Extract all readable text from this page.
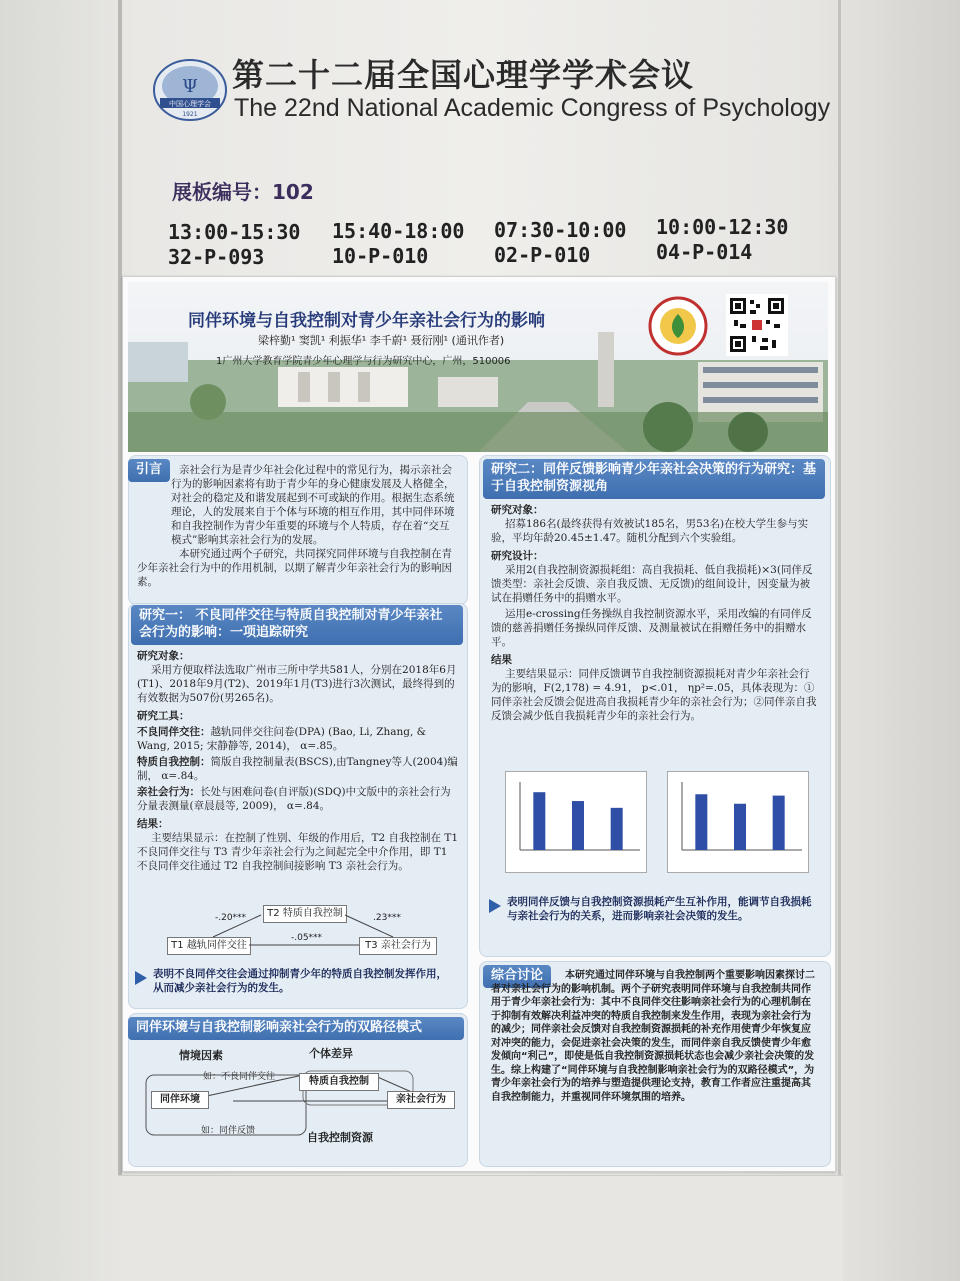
Ψ
中国心理学会
1921
第二十二届全国心理学学术会议
The 22nd National Academic Congress of Psychology
展板编号：102
13:00-15:30
32-P-093
15:40-18:00
10-P-010
07:30-10:00
02-P-010
10:00-12:30
04-P-014
同伴环境与自我控制对青少年亲社会行为的影响
梁梓勤¹ 窦凯¹ 利振华¹ 李千蔚¹ 聂衍刚¹ (通讯作者)
1广州大学教育学院青少年心理学与行为研究中心，广州，510006
引言	亲社会行为是青少年社会化过程中的常见行为，揭示亲社会行为的影响因素将有助于青少年的身心健康发展及人格健全，对社会的稳定及和谐发展起到不可或缺的作用。根据生态系统理论，人的发展来自于个体与环境的相互作用，其中同伴环境和自我控制作为青少年重要的环境与个人特质，存在着“交互模式”影响其亲社会行为的发展。
本研究通过两个子研究，共同探究同伴环境与自我控制在青少年亲社会行为中的作用机制，以期了解青少年亲社会行为的影响因素。
研究一： 不良同伴交往与特质自我控制对青少年亲社会行为的影响：一项追踪研究
研究对象：
采用方便取样法选取广州市三所中学共581人，分别在2018年6月(T1)、2018年9月(T2)、2019年1月(T3)进行3次测试，最终得到的有效数据为507份(男265名)。
研究工具：
不良同伴交往：越轨同伴交往问卷(DPA) (Bao, Li, Zhang, & Wang, 2015; 宋静静等, 2014)， α=.85。
特质自我控制：简版自我控制量表(BSCS),由Tangney等人(2004)编制， α=.84。
亲社会行为：长处与困难问卷(自评版)(SDQ)中文版中的亲社会行为分量表测量(章晨晨等, 2009)， α=.84。
结果：
主要结果显示：在控制了性别、年级的作用后，T2 自我控制在 T1 不良同伴交往与 T3 青少年亲社会行为之间起完全中介作用，即 T1 不良同伴交往通过 T2 自我控制间接影响 T3 亲社会行为。
T2 特质自我控制
T1 越轨同伴交往	T3 亲社会行为
-.20***	.23***
-.05***
表明不良同伴交往会通过抑制青少年的特质自我控制发挥作用，从而减少亲社会行为的发生。
同伴环境与自我控制影响亲社会行为的双路径模式
情境因素	个体差异
如：不良同伴交往
同伴环境
特质自我控制
亲社会行为
如：同伴反馈	自我控制资源
研究二：同伴反馈影响青少年亲社会决策的行为研究：基于自我控制资源视角
研究对象：
招募186名(最终获得有效被试185名，男53名)在校大学生参与实验，平均年龄20.45±1.47。随机分配到六个实验组。
研究设计：
采用2(自我控制资源损耗组：高自我损耗、低自我损耗)×3(同伴反馈类型：亲社会反馈、亲自我反馈、无反馈)的组间设计，因变量为被试在捐赠任务中的捐赠水平。
运用e-crossing任务操纵自我控制资源水平，采用改编的有同伴反馈的慈善捐赠任务操纵同伴反馈、及测量被试在捐赠任务中的捐赠水平。
结果
主要结果显示：同伴反馈调节自我控制资源损耗对青少年亲社会行为的影响，F(2,178) = 4.91， p<.01， ηp²=.05，具体表现为：①同伴亲社会反馈会促进高自我损耗青少年的亲社会行为；②同伴亲自我反馈会减少低自我损耗青少年的亲社会行为。
表明同伴反馈与自我控制资源损耗产生互补作用，能调节自我损耗与亲社会行为的关系，进而影响亲社会决策的发生。
综合讨论	本研究通过同伴环境与自我控制两个重要影响因素探讨二者对亲社会行为的影响机制。两个子研究表明同伴环境与自我控制共同作用于青少年亲社会行为：其中不良同伴交往影响亲社会行为的心理机制在于抑制有效解决利益冲突的特质自我控制来发生作用，表现为亲社会行为的减少；同伴亲社会反馈对自我控制资源损耗的补充作用使青少年恢复应对冲突的能力，会促进亲社会决策的发生，而同伴亲自我反馈使青少年愈发倾向“利己”，即使是低自我控制资源损耗状态也会减少亲社会决策的发生。综上构建了“同伴环境与自我控制影响亲社会行为的双路径模式”，为青少年亲社会行为的培养与塑造提供理论支持，教育工作者应注重提高其自我控制能力，并重视同伴环境氛围的培养。
